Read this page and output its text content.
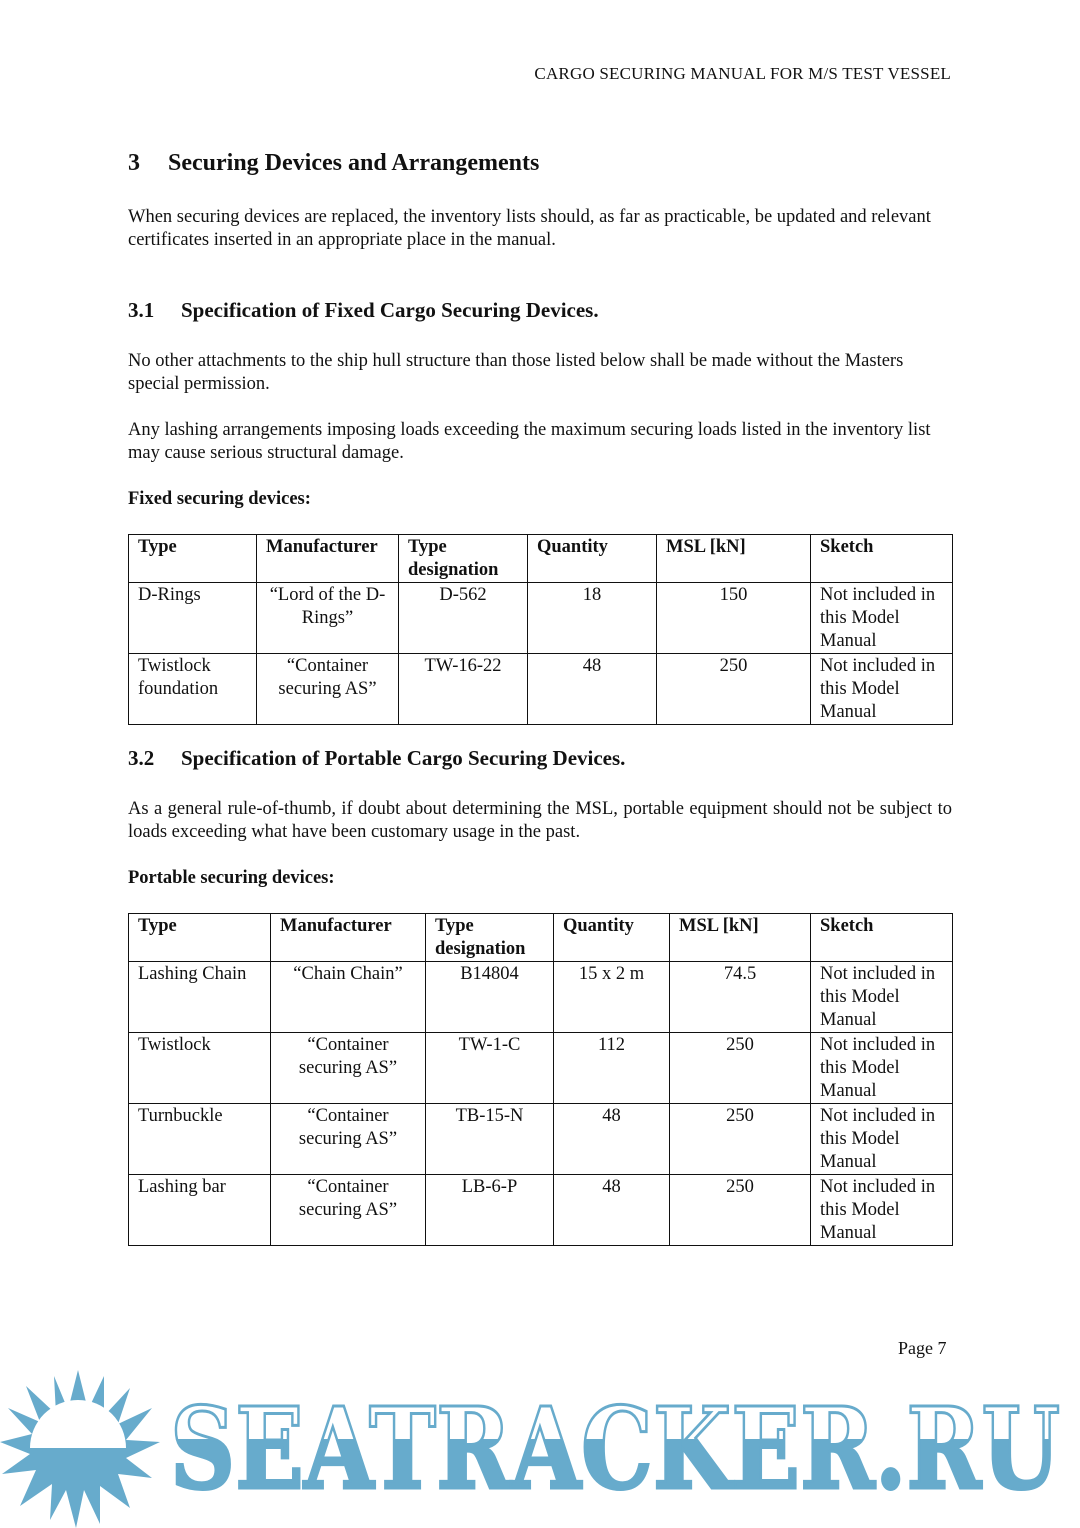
CARGO SECURING MANUAL FOR M/S TEST VESSEL
3 Securing Devices and Arrangements

When securing devices are replaced, the inventory lists should, as far as practicable, be updated and relevant certificates inserted in an appropriate place in the manual.

3.1 Specification of Fixed Cargo Securing Devices.

No other attachments to the ship hull structure than those listed below shall be made without the Masters special permission.

Any lashing arrangements imposing loads exceeding the maximum securing loads listed in the inventory list may cause serious structural damage.

Fixed securing devices:
Type	Manufacturer	Type designation	Quantity	MSL [kN]	Sketch
D-Rings	“Lord of the D-Rings”	D-562	18	150	Not included in this Model Manual
Twistlock foundation	“Container securing AS”	TW-16-22	48	250	Not included in this Model Manual
3.2 Specification of Portable Cargo Securing Devices.

As a general rule-of-thumb, if doubt about determining the MSL, portable equipment should not be subject to loads exceeding what have been customary usage in the past.

Portable securing devices:
Type	Manufacturer	Type designation	Quantity	MSL [kN]	Sketch
Lashing Chain	“Chain Chain”	B14804	15 x 2 m	74.5	Not included in this Model Manual
Twistlock	“Container securing AS”	TW-1-C	112	250	Not included in this Model Manual
Turnbuckle	“Container securing AS”	TB-15-N	48	250	Not included in this Model Manual
Lashing bar	“Container securing AS”	LB-6-P	48	250	Not included in this Model Manual
Page 7
SEATRACKER.RU
